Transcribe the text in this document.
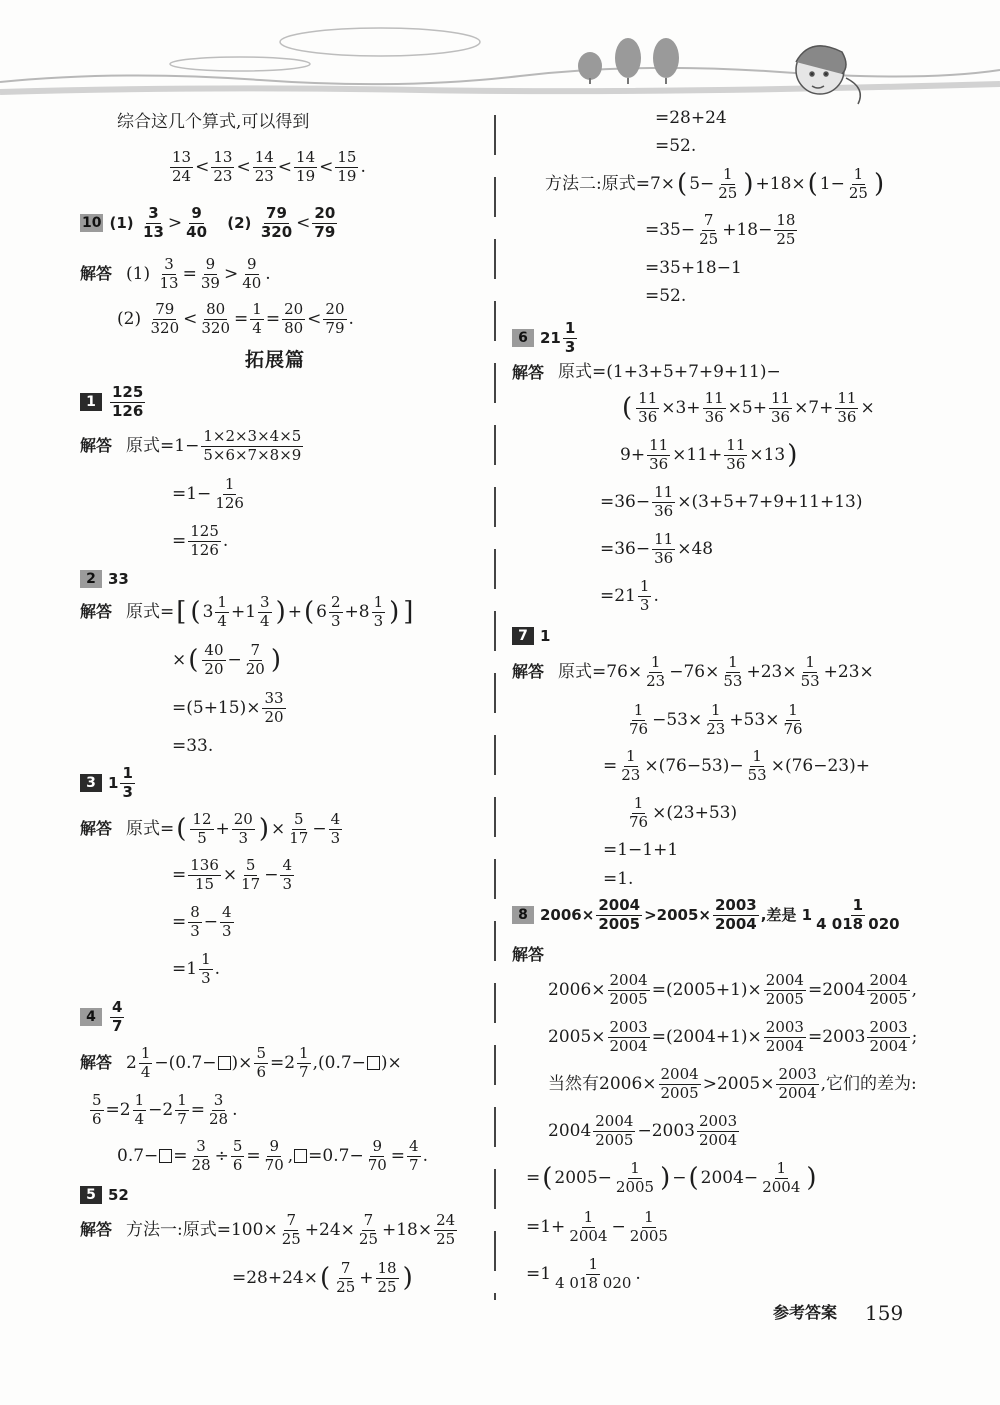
综合这几个算式,可以得到
$\frac{13}{24} < \frac{13}{23} < \frac{14}{23} < \frac{14}{19} < \frac{15}{19}$ .
10 (1)
$\frac{3}{13} > \frac{9}{40}$
(2)
$\frac{79}{320} < \frac{20}{79}$
解答 $(1) \frac{3}{13} = \frac{9}{39} > \frac{9}{40}$ .
$(2) \frac{79}{320} < \frac{80}{320} = \frac{1}{4} = \frac{20}{80} < \frac{20}{79}$ .
拓展篇
$1 \frac{125}{126}$
解答 原式 $=1- \frac{1\times 2\times 3\times 4\times 5}{5\times 6\times 7\times 8\times 9}$
$=1- \frac{1}{126}$
= $\frac{125}{126}$ .
2 33
解答 原式 = [ ( $3 \frac{1}{4} +1 \frac{3}{4}$ ) + ( $6 \frac{2}{3} +8 \frac{1}{3}$ ) ]
× ( $\frac{40}{20} - \frac{7}{20}$ )
$=(5+15)\times \frac{33}{20}$
=33.
3 $1 \frac{1}{3}$
解答 原式 = ( $\frac{12}{5} + \frac{20}{3}$ ) × $\frac{5}{17} - \frac{4}{3}$
= $\frac{136}{15} \times \frac{5}{17} - \frac{4}{3}$
= $\frac{8}{3} - \frac{4}{3}$
$=1 \frac{1}{3}$ .
$4 \frac{4}{7}$
解答 $2 \frac{1}{4} -(0.7-$ )× $\frac{5}{6} =2 \frac{1}{7} ,(0.7-$ )×
$\frac{5}{6} =2 \frac{1}{4} -2 \frac{1}{7} = \frac{3}{28}$ .
$0.7- = \frac{3}{28} \div \frac{5}{6} = \frac{9}{70}$ , $=0.7- \frac{9}{70} = \frac{4}{7}$ .
5 52
解答 方法一:原式 $=100\times \frac{7}{25} +24\times \frac{7}{25} +18\times \frac{24}{25}$
=28+24× ( $\frac{7}{25} + \frac{18}{25}$ )
=28+24
=52.
方法二:原式 =7× ( $5- \frac{1}{25}$ ) +18× ( $1- \frac{1}{25}$ )
$=35- \frac{7}{25} +18- \frac{18}{25}$
=35+18−1
=52.
6 $21 \frac{1}{3}$
解答 原式 =(1+3+5+7+9+11)−
( $\frac{11}{36} \times 3+ \frac{11}{36} \times 5+ \frac{11}{36} \times 7+ \frac{11}{36}$ ×
$9+ \frac{11}{36} \times 11+ \frac{11}{36} \times 13$ )
$=36- \frac{11}{36} \times(3+5+7+9+11+13)$
$=36- \frac{11}{36} \times 48$
$=21 \frac{1}{3}$ .
7 1
解答 原式 $=76\times \frac{1}{23} -76\times \frac{1}{53} +23\times \frac{1}{53} +23\times$
$\frac{1}{76} -53\times \frac{1}{23} +53\times \frac{1}{76}$
= $\frac{1}{23} \times(76-53)- \frac{1}{53} \times(76-23)+$
$\frac{1}{76} \times(23+53)$
=1−1+1
=1.
8 $2006\times \frac{2004}{2005} >2005\times \frac{2003}{2004}$ ,差是 $1 \frac{1}{4 018 020}$
解答
$2006\times \frac{2004}{2005} =(2005+1)\times \frac{2004}{2005} =2004 \frac{2004}{2005}$ ,
$2005\times \frac{2003}{2004} =(2004+1)\times \frac{2003}{2004} =2003 \frac{2003}{2004}$ ;
当然有 $2006\times \frac{2004}{2005} >2005\times \frac{2003}{2004}$ ,它们的差为:
$2004 \frac{2004}{2005} -2003 \frac{2003}{2004}$
= ( $2005- \frac{1}{2005}$ ) − ( $2004- \frac{1}{2004}$ )
$=1+ \frac{1}{2004} - \frac{1}{2005}$
$=1 \frac{1}{4 018 020}$ .
参考答案 159
